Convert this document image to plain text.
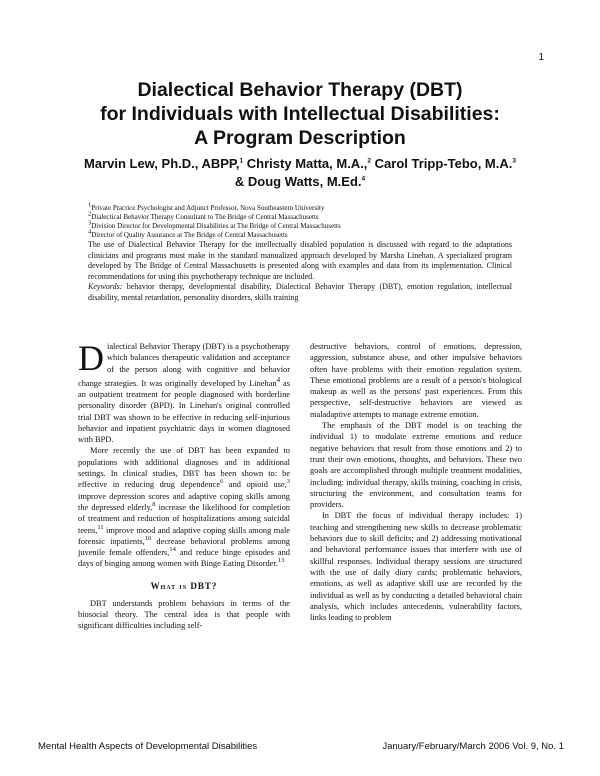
1
Dialectical Behavior Therapy (DBT)
for Individuals with Intellectual Disabilities:
A Program Description
Marvin Lew, Ph.D., ABPP,$^1$ Christy Matta, M.A.,$^2$ Carol Tripp-Tebo, M.A.$^3$
& Doug Watts, M.Ed.$^4$
$^1$Private Practice Psychologist and Adjunct Professor, Nova Southeastern University
$^2$Dialectical Behavior Therapy Consultant to The Bridge of Central Massachusetts
$^3$Division Director for Developmental Disabilities at The Bridge of Central Massachusetts
$^4$Director of Quality Assurance at The Bridge of Central Massachusetts

The use of Dialectical Behavior Therapy for the intellectually disabled population is discussed with regard to the adaptations clinicians and programs must make in the standard manualized approach developed by Marsha Linehan. A specialized program developed by The Bridge of Central Massachusetts is presented along with examples and data from its implementation. Clinical recommendations for using this psychotherapy technique are included.

Keywords: behavior therapy, developmental disability, Dialectical Behavior Therapy (DBT), emotion regulation, intellectual disability, mental retardation, personality disorders, skills training

Dialectical Behavior Therapy (DBT) is a psychotherapy which balances therapeutic validation and acceptance of the person along with cognitive and behavior change strategies. It was originally developed by Linehan$^4$ as an outpatient treatment for people diagnosed with borderline personality disorder (BPD). In Linehan's original controlled trial DBT was shown to be effective in reducing self-injurious behavior and inpatient psychiatric days in women diagnosed with BPD.

More recently the use of DBT has been expanded to populations with additional diagnoses and in additional settings. In clinical studies, DBT has been shown to: be effective in reducing drug dependence$^6$ and opioid use,$^3$ improve depression scores and adaptive coping skills among the depressed elderly,$^8$ increase the likelihood for completion of treatment and reduction of hospitalizations among suicidal teens,$^{11}$ improve mood and adaptive coping skills among male forensic inpatients,$^{10}$ decrease behavioral problems among juvenile female offenders,$^{14}$ and reduce binge episodes and days of binging among women with Binge Eating Disorder.$^{13}$

What is DBT?

DBT understands problem behaviors in terms of the biosocial theory. The central idea is that people with significant difficulties including self-

destructive behaviors, control of emotions, depression, aggression, substance abuse, and other impulsive behaviors often have problems with their emotion regulation system. These emotional problems are a result of a person's biological makeup as well as the persons' past experiences. From this perspective, self-destructive behaviors are viewed as maladaptive attempts to manage extreme emotion.

The emphasis of the DBT model is on teaching the individual 1) to modulate extreme emotions and reduce negative behaviors that result from those emotions and 2) to trust their own emotions, thoughts, and behaviors. These two goals are accomplished through multiple treatment modalities, including: individual therapy, skills training, coaching in crisis, structuring the environment, and consultation teams for providers.

In DBT the focus of individual therapy includes: 1) teaching and strengthening new skills to decrease problematic behaviors due to skill deficits; and 2) addressing motivational and behavioral performance issues that interfere with use of skillful responses. Individual therapy sessions are structured with the use of daily diary cards; problematic behaviors, emotions, as well as adaptive skill use are recorded by the individual as well as by conducting a detailed behavioral chain analysis, which includes antecedents, vulnerability factors, links leading to problem

Mental Health Aspects of Developmental Disabilities	January/February/March 2006 Vol. 9, No. 1
